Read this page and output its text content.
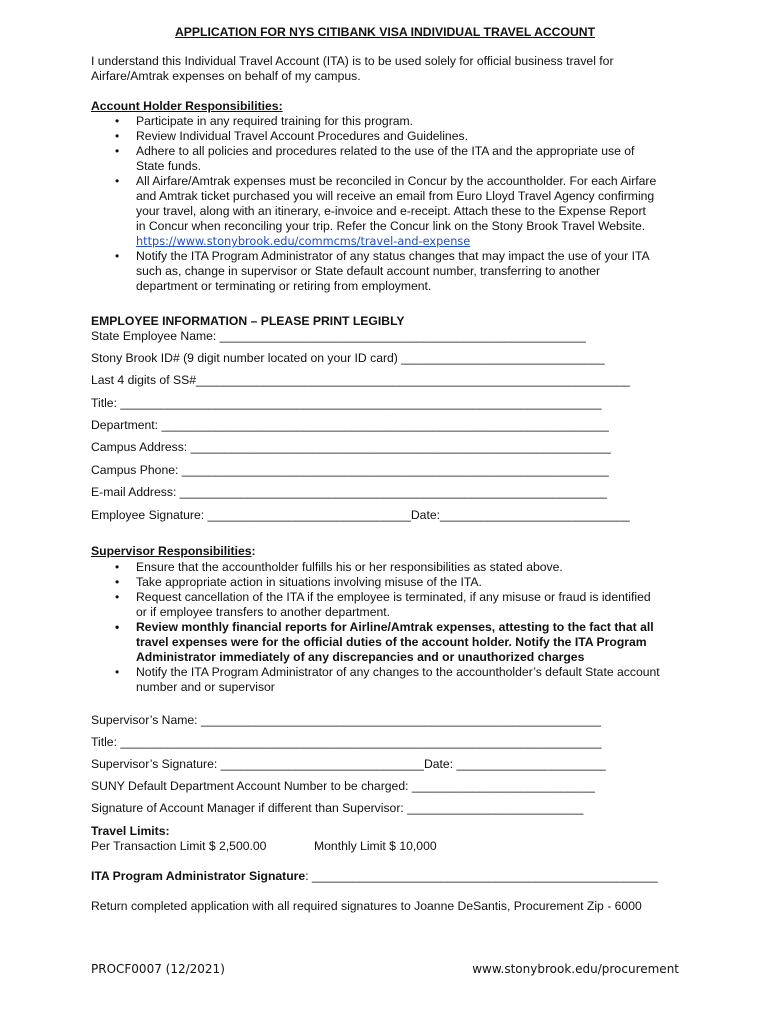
APPLICATION FOR NYS CITIBANK VISA INDIVIDUAL TRAVEL ACCOUNT
I understand this Individual Travel Account (ITA) is to be used solely for official business travel for
Airfare/Amtrak expenses on behalf of my campus.
Account Holder Responsibilities:
• Participate in any required training for this program.
• Review Individual Travel Account Procedures and Guidelines.
• Adhere to all policies and procedures related to the use of the ITA and the appropriate use of
State funds.
• All Airfare/Amtrak expenses must be reconciled in Concur by the accountholder. For each Airfare
and Amtrak ticket purchased you will receive an email from Euro Lloyd Travel Agency confirming
your travel, along with an itinerary, e-invoice and e-receipt. Attach these to the Expense Report
in Concur when reconciling your trip. Refer the Concur link on the Stony Brook Travel Website.
https://www.stonybrook.edu/commcms/travel-and-expense
• Notify the ITA Program Administrator of any status changes that may impact the use of your ITA
such as, change in supervisor or State default account number, transferring to another
department or terminating or retiring from employment.
EMPLOYEE INFORMATION – PLEASE PRINT LEGIBLY
State Employee Name: ______________________________________________________
Stony Brook ID# (9 digit number located on your ID card) ______________________________
Last 4 digits of SS#________________________________________________________________
Title: _______________________________________________________________________
Department: __________________________________________________________________
Campus Address: ______________________________________________________________
Campus Phone: _______________________________________________________________
E-mail Address: _______________________________________________________________
Employee Signature: ______________________________Date:____________________________
Supervisor Responsibilities:
• Ensure that the accountholder fulfills his or her responsibilities as stated above.
• Take appropriate action in situations involving misuse of the ITA.
• Request cancellation of the ITA if the employee is terminated, if any misuse or fraud is identified
or if employee transfers to another department.
• Review monthly financial reports for Airline/Amtrak expenses, attesting to the fact that all
travel expenses were for the official duties of the account holder. Notify the ITA Program
Administrator immediately of any discrepancies and or unauthorized charges
• Notify the ITA Program Administrator of any changes to the accountholder’s default State account
number and or supervisor
Supervisor’s Name: ___________________________________________________________
Title: _______________________________________________________________________
Supervisor’s Signature: ______________________________Date: ______________________
SUNY Default Department Account Number to be charged: ___________________________
Signature of Account Manager if different than Supervisor: __________________________
Travel Limits:
Per Transaction Limit $ 2,500.00	Monthly Limit $ 10,000
ITA Program Administrator Signature: ___________________________________________________
Return completed application with all required signatures to Joanne DeSantis, Procurement Zip - 6000
PROCF0007 (12/2021)	www.stonybrook.edu/procurement
